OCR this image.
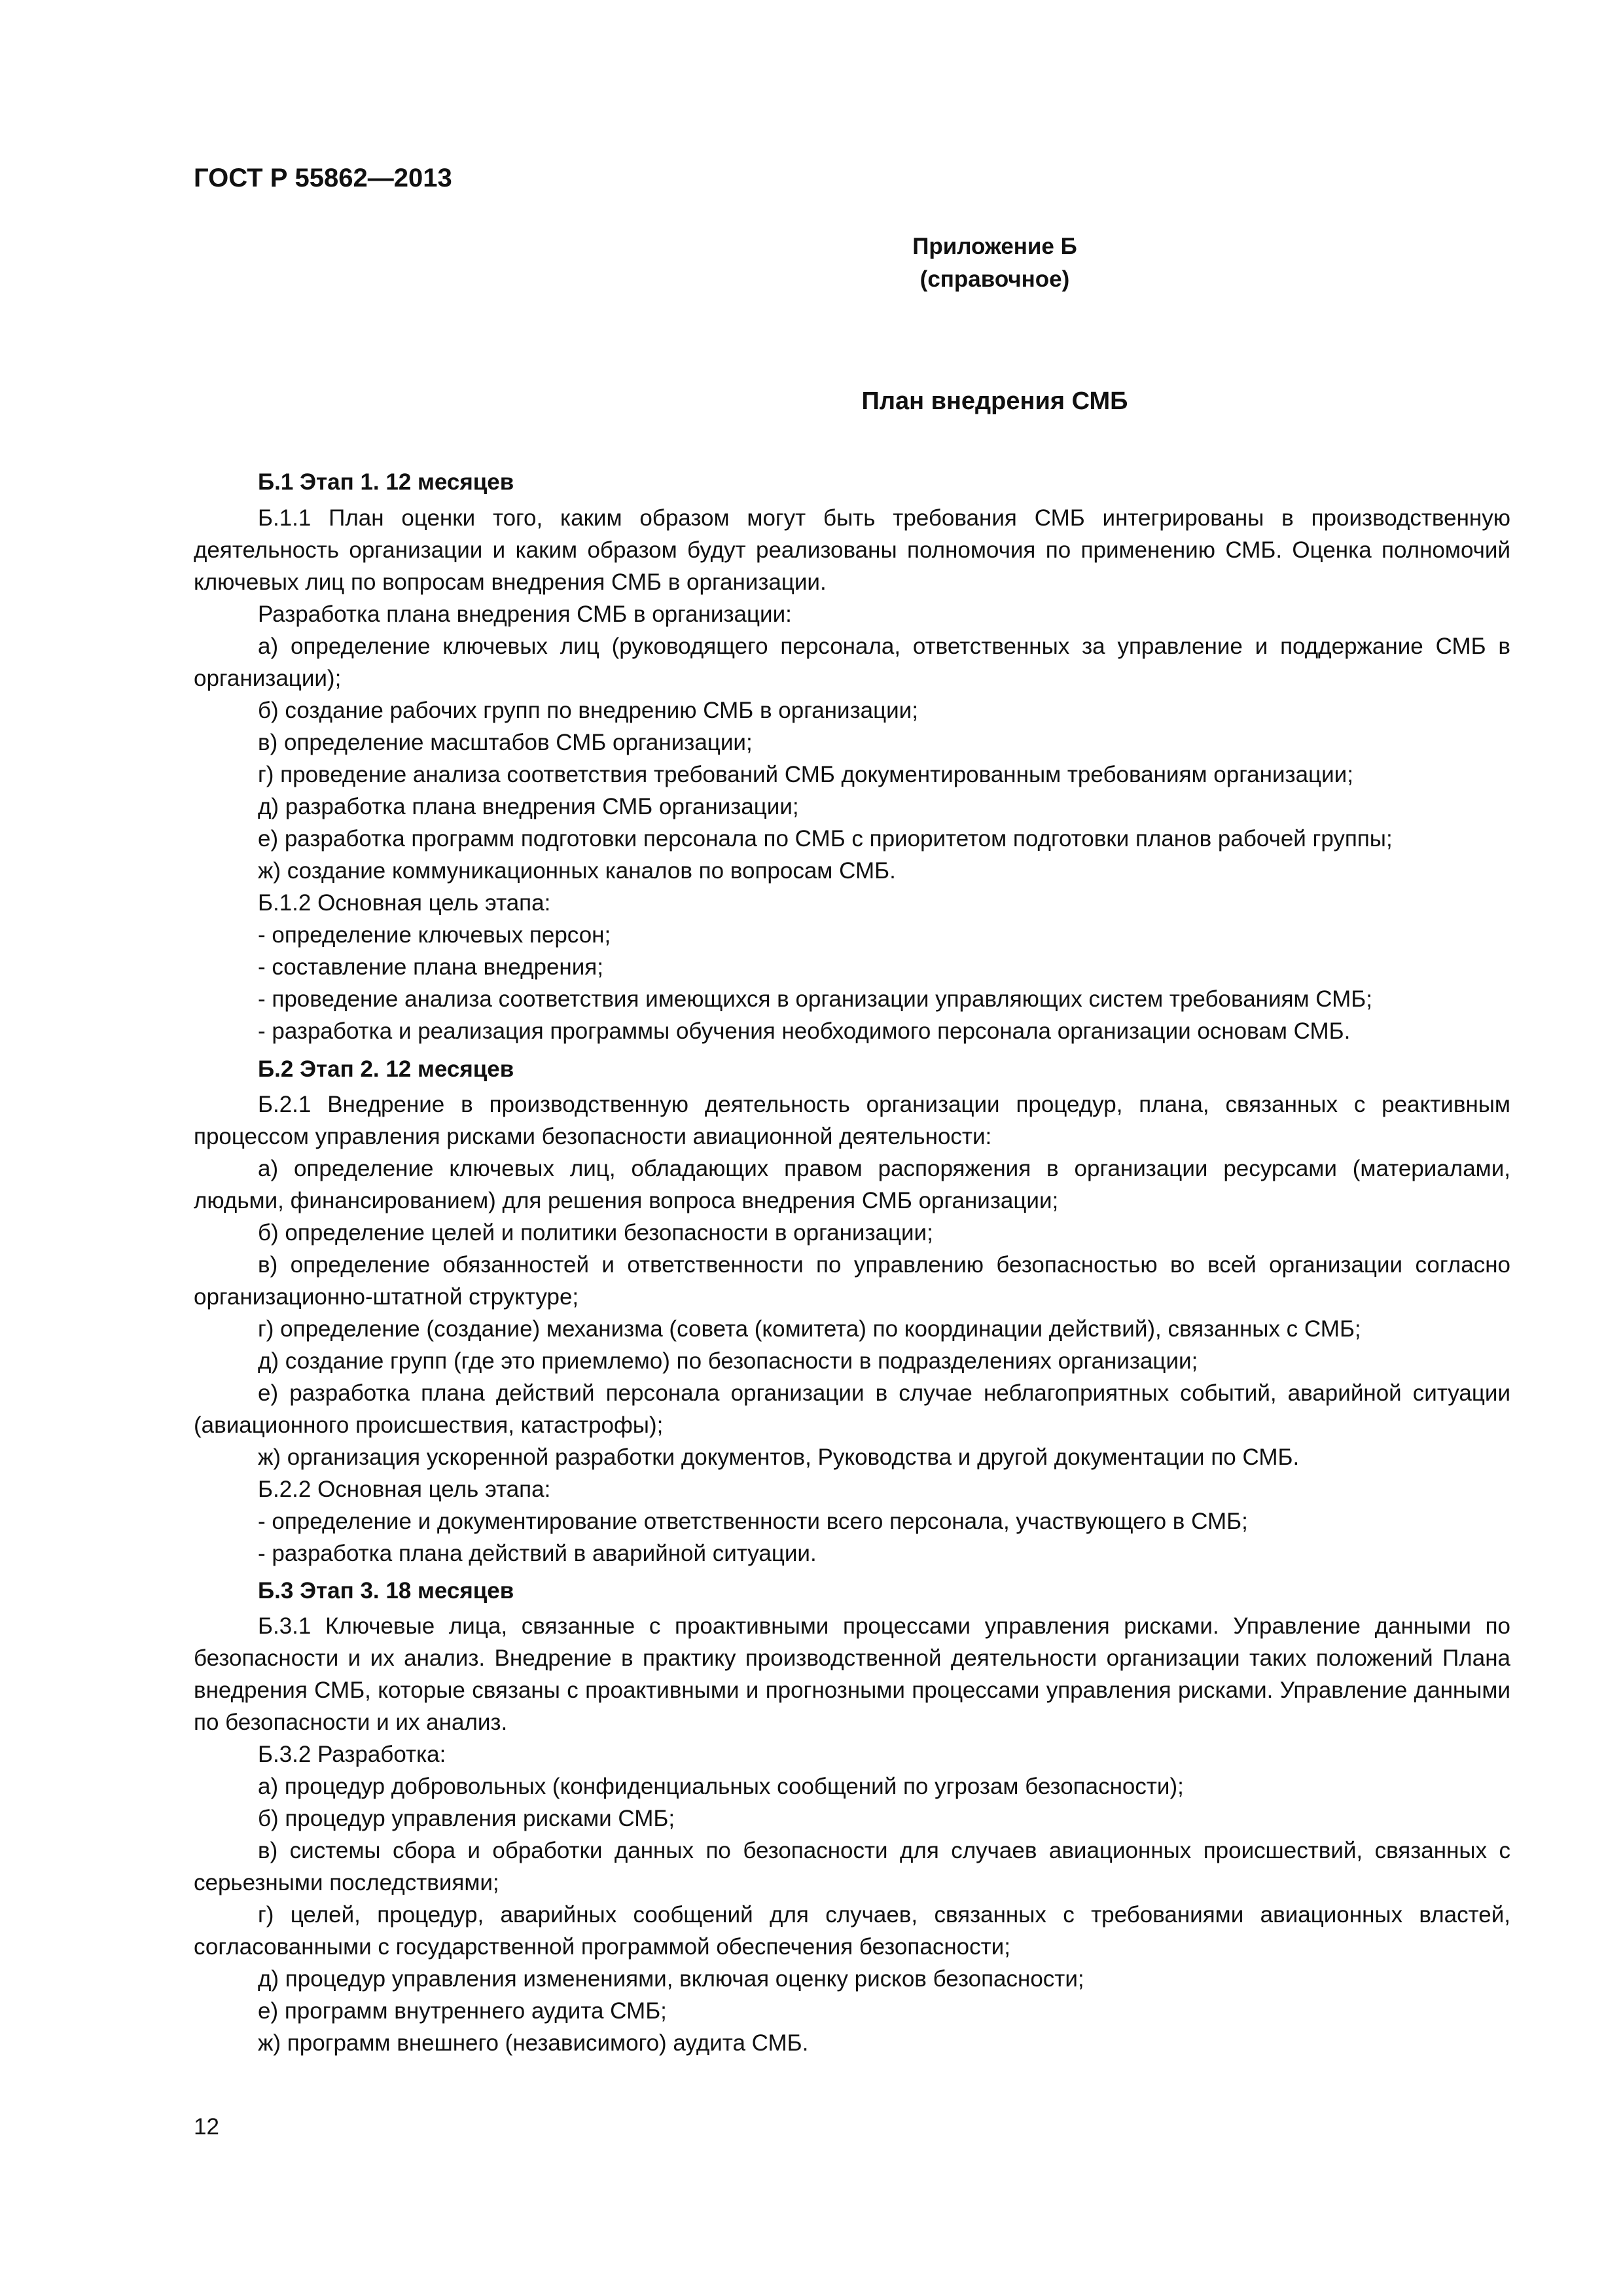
ГОСТ Р 55862—2013
Приложение Б
(справочное)
План внедрения СМБ
Б.1 Этап 1. 12 месяцев
Б.1.1 План оценки того, каким образом могут быть требования СМБ интегрированы в производственную деятельность организации и каким образом будут реализованы полномочия по применению СМБ. Оценка полномочий ключевых лиц по вопросам внедрения СМБ в организации.
Разработка плана внедрения СМБ в организации:
а) определение ключевых лиц (руководящего персонала, ответственных за управление и поддержание СМБ в организации);
б) создание рабочих групп по внедрению СМБ в организации;
в) определение масштабов СМБ организации;
г) проведение анализа соответствия требований СМБ документированным требованиям организации;
д) разработка плана внедрения СМБ организации;
е) разработка программ подготовки персонала по СМБ с приоритетом подготовки планов рабочей группы;
ж) создание коммуникационных каналов по вопросам СМБ.
Б.1.2 Основная цель этапа:
- определение ключевых персон;
- составление плана внедрения;
- проведение анализа соответствия имеющихся в организации управляющих систем требованиям СМБ;
- разработка и реализация программы обучения необходимого персонала организации основам СМБ.
Б.2 Этап 2. 12 месяцев
Б.2.1 Внедрение в производственную деятельность организации процедур, плана, связанных с реактивным процессом управления рисками безопасности авиационной деятельности:
а) определение ключевых лиц, обладающих правом распоряжения в организации ресурсами (материалами, людьми, финансированием) для решения вопроса внедрения СМБ организации;
б) определение целей и политики безопасности в организации;
в) определение обязанностей и ответственности по управлению безопасностью во всей организации согласно организационно-штатной структуре;
г) определение (создание) механизма (совета (комитета) по координации действий), связанных с СМБ;
д) создание групп (где это приемлемо) по безопасности в подразделениях организации;
е) разработка плана действий персонала организации в случае неблагоприятных событий, аварийной ситуации (авиационного происшествия, катастрофы);
ж) организация ускоренной разработки документов, Руководства и другой документации по СМБ.
Б.2.2 Основная цель этапа:
- определение и документирование ответственности всего персонала, участвующего в СМБ;
- разработка плана действий в аварийной ситуации.
Б.3 Этап 3. 18 месяцев
Б.3.1 Ключевые лица, связанные с проактивными процессами управления рисками. Управление данными по безопасности и их анализ. Внедрение в практику производственной деятельности организации таких положений Плана внедрения СМБ, которые связаны с проактивными и прогнозными процессами управления рисками. Управление данными по безопасности и их анализ.
Б.3.2 Разработка:
а) процедур добровольных (конфиденциальных сообщений по угрозам безопасности);
б) процедур управления рисками СМБ;
в) системы сбора и обработки данных по безопасности для случаев авиационных происшествий, связанных с серьезными последствиями;
г) целей, процедур, аварийных сообщений для случаев, связанных с требованиями авиационных властей, согласованными с государственной программой обеспечения безопасности;
д) процедур управления изменениями, включая оценку рисков безопасности;
е) программ внутреннего аудита СМБ;
ж) программ внешнего (независимого) аудита СМБ.
12
